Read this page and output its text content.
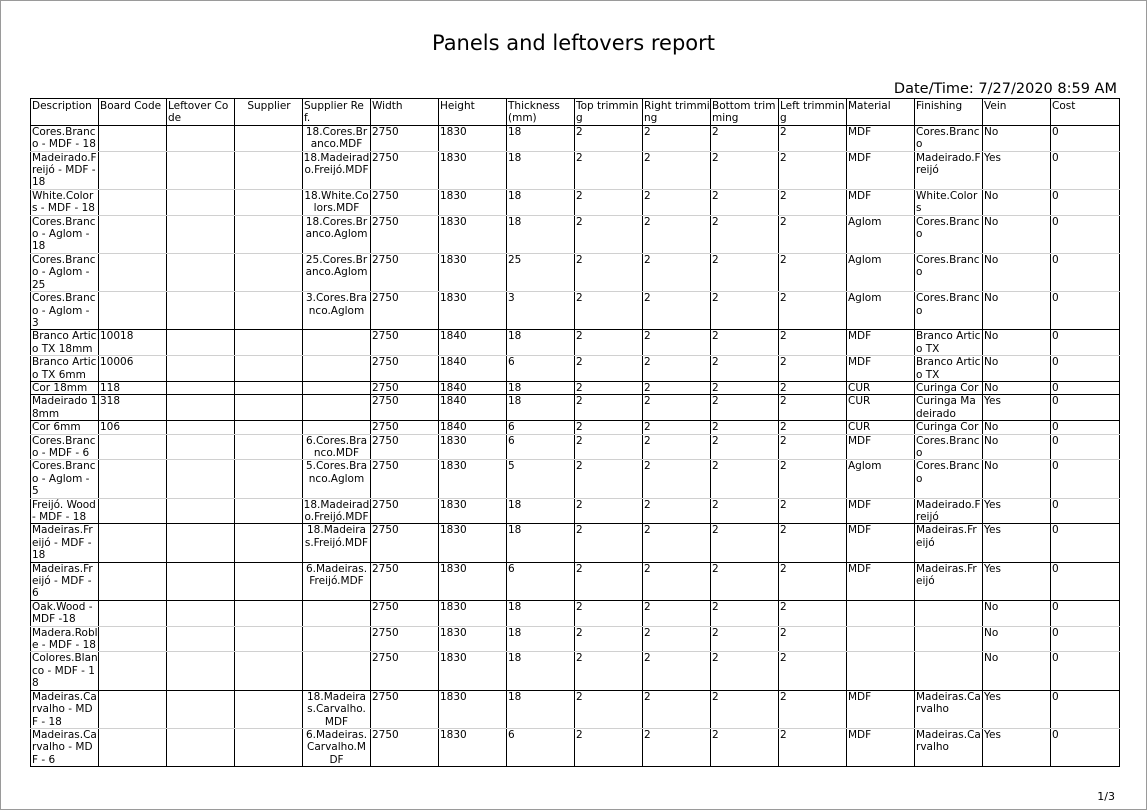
Panels and leftovers report
Date/Time: 7/27/2020 8:59 AM
Description	Board Code	Leftover Code	Supplier	Supplier Ref.	Width	Height	Thickness (mm)	Top trimming	Right trimming	Bottom trimming	Left trimming	Material	Finishing	Vein	Cost
Cores.Branco - MDF - 18				18.Cores.Branco.MDF	2750	1830	18	2	2	2	2	MDF	Cores.Branco	No	0
Madeirado.Freijó - MDF - 18				18.Madeirado.Freijó.MDF	2750	1830	18	2	2	2	2	MDF	Madeirado.Freijó	Yes	0
White.Colors - MDF - 18				18.White.Colors.MDF	2750	1830	18	2	2	2	2	MDF	White.Colors	No	0
Cores.Branco - Aglom - 18				18.Cores.Branco.Aglom	2750	1830	18	2	2	2	2	Aglom	Cores.Branco	No	0
Cores.Branco - Aglom - 25				25.Cores.Branco.Aglom	2750	1830	25	2	2	2	2	Aglom	Cores.Branco	No	0
Cores.Branco - Aglom - 3				3.Cores.Branco.Aglom	2750	1830	3	2	2	2	2	Aglom	Cores.Branco	No	0
Branco Artico TX 18mm	10018				2750	1840	18	2	2	2	2	MDF	Branco Artico TX	No	0
Branco Artico TX 6mm	10006				2750	1840	6	2	2	2	2	MDF	Branco Artico TX	No	0
Cor 18mm	118				2750	1840	18	2	2	2	2	CUR	Curinga Cor	No	0
Madeirado 18mm	318				2750	1840	18	2	2	2	2	CUR	Curinga Madeirado	Yes	0
Cor 6mm	106				2750	1840	6	2	2	2	2	CUR	Curinga Cor	No	0
Cores.Branco - MDF - 6				6.Cores.Branco.MDF	2750	1830	6	2	2	2	2	MDF	Cores.Branco	No	0
Cores.Branco - Aglom - 5				5.Cores.Branco.Aglom	2750	1830	5	2	2	2	2	Aglom	Cores.Branco	No	0
Freijó. Wood - MDF - 18				18.Madeirado.Freijó.MDF	2750	1830	18	2	2	2	2	MDF	Madeirado.Freijó	Yes	0
Madeiras.Freijó - MDF - 18				18.Madeiras.Freijó.MDF	2750	1830	18	2	2	2	2	MDF	Madeiras.Freijó	Yes	0
Madeiras.Freijó - MDF - 6				6.Madeiras.Freijó.MDF	2750	1830	6	2	2	2	2	MDF	Madeiras.Freijó	Yes	0
Oak.Wood - MDF -18					2750	1830	18	2	2	2	2			No	0
Madera.Roble - MDF - 18					2750	1830	18	2	2	2	2			No	0
Colores.Blanco - MDF - 18					2750	1830	18	2	2	2	2			No	0
Madeiras.Carvalho - MDF - 18				18.Madeiras.Carvalho.MDF	2750	1830	18	2	2	2	2	MDF	Madeiras.Carvalho	Yes	0
Madeiras.Carvalho - MDF - 6				6.Madeiras.Carvalho.MDF	2750	1830	6	2	2	2	2	MDF	Madeiras.Carvalho	Yes	0
1/3
